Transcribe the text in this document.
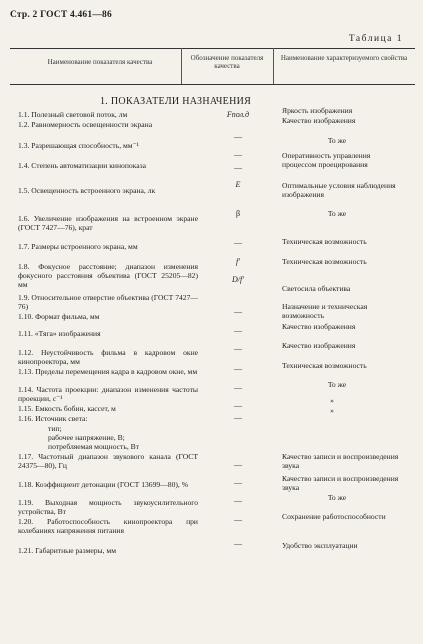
Стр. 2 ГОСТ 4.461—86
Таблица 1
Наименование показателя качества	Обозначение показателя качества
Наименование характеризуемого свойства
1. ПОКАЗАТЕЛИ НАЗНАЧЕНИЯ
1.1. Полезный световой поток, лм
1.2. Равномерность освещенности экрана
1.3. Разрешающая способность, мм⁻¹
1.4. Степень автоматизации кинопоказа
1.5. Освещенность встроенного экрана, лк
1.6. Увеличение изображения на встроенном экране (ГОСТ 7427—76), крат
1.7. Размеры встроенного экрана, мм
1.8. Фокусное расстояние; диапазон изменения фокусного расстояния объектива (ГОСТ 25205—82) мм
1.9. Относительное отверстие объектива (ГОСТ 7427—76)
1.10. Формат фильма, мм
1.11. «Тяга» изображения
1.12. Неустойчивость фильма в кадровом окне кинопроектора, мм
1.13. Пределы перемещения кадра в кадровом окне, мм
1.14. Частота проекции: диапазон изменения частоты проекции, с⁻¹
1.15. Емкость бобин, кассет, м
1.16. Источник света:
тип;
рабочее напряжение, В;
потребляемая мощность, Вт
1.17. Частотный диапазон звукового канала (ГОСТ 24375—80), Гц
1.18. Коэффициент детонации (ГОСТ 13699—80), %
1.19. Выходная мощность звукоусилительного устройства, Вт
1.20. Работоспособность кинопроектора при колебаниях напряжения питания
1.21. Габаритные размеры, мм
Fпол.д
—
—
—
E
β
—
f'
D/f'
—
—
—
—
—
—
—
—
—
—
—
—
Яркость изображения
Качество изображения
То же
Оперативность управления процессом проецирования
Оптимальные условия наблюдения изображения
То же
Техническая возможность
Техническая возможность
Светосила объектива
Назначение и техническая возможность
Качество изображения
Качество изображения
Техническая возможность
То же
»
»
Качество записи и воспроизведения звука
Качество записи и воспроизведения звука
То же
Сохранение работоспособности
Удобство эксплуатации
